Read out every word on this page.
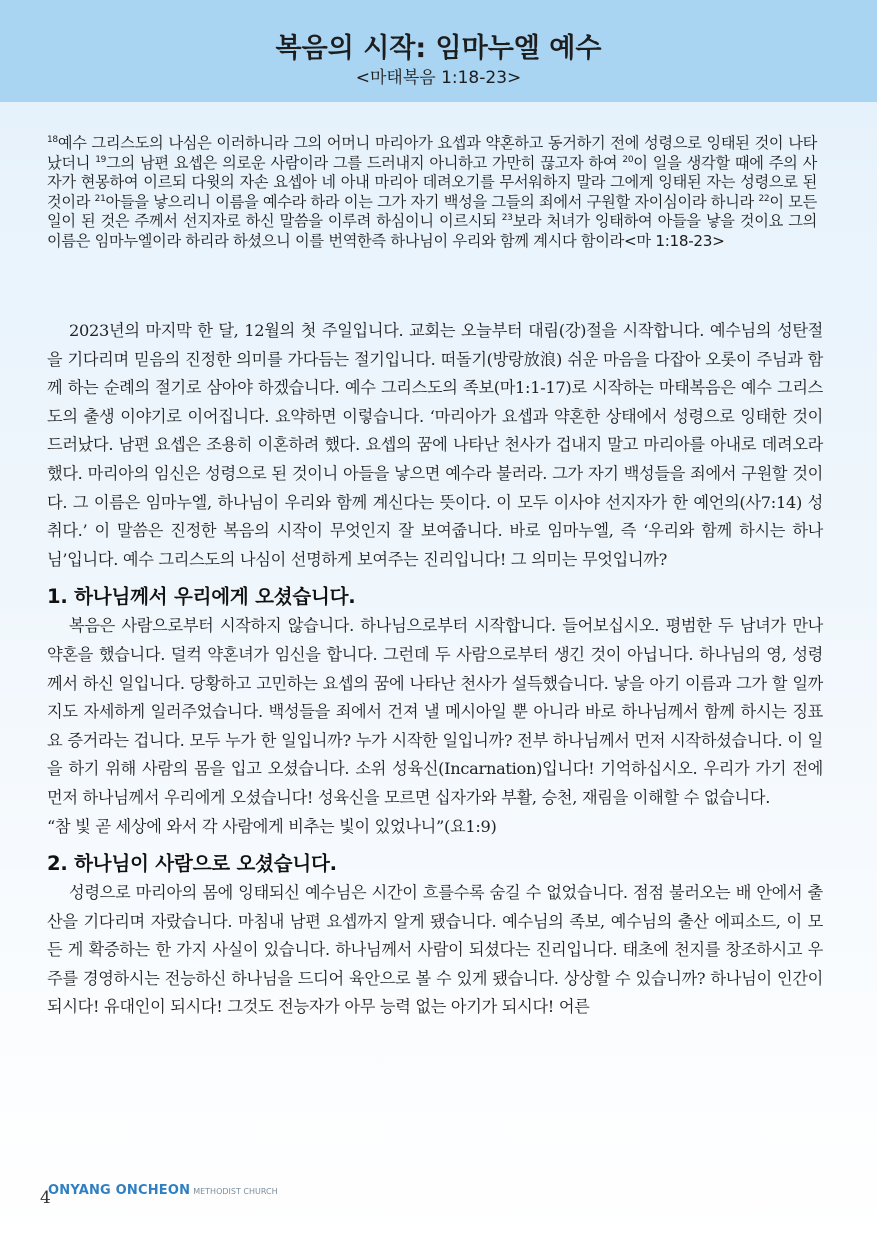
복음의 시작: 임마누엘 예수
<마태복음 1:18-23>
$^{18}$예수 그리스도의 나심은 이러하니라 그의 어머니 마리아가 요셉과 약혼하고 동거하기 전에 성령으로 잉태된 것이 나타났더니 $^{19}$그의 남편 요셉은 의로운 사람이라 그를 드러내지 아니하고 가만히 끊고자 하여 $^{20}$이 일을 생각할 때에 주의 사자가 현몽하여 이르되 다윗의 자손 요셉아 네 아내 마리아 데려오기를 무서워하지 말라 그에게 잉태된 자는 성령으로 된 것이라 $^{21}$아들을 낳으리니 이름을 예수라 하라 이는 그가 자기 백성을 그들의 죄에서 구원할 자이심이라 하니라 $^{22}$이 모든 일이 된 것은 주께서 선지자로 하신 말씀을 이루려 하심이니 이르시되 $^{23}$보라 처녀가 잉태하여 아들을 낳을 것이요 그의 이름은 임마누엘이라 하리라 하셨으니 이를 번역한즉 하나님이 우리와 함께 계시다 함이라<마 1:18-23>

2023년의 마지막 한 달, 12월의 첫 주일입니다. 교회는 오늘부터 대림(강)절을 시작합니다. 예수님의 성탄절을 기다리며 믿음의 진정한 의미를 가다듬는 절기입니다. 떠돌기(방랑放浪) 쉬운 마음을 다잡아 오롯이 주님과 함께 하는 순례의 절기로 삼아야 하겠습니다. 예수 그리스도의 족보(마1:1-17)로 시작하는 마태복음은 예수 그리스도의 출생 이야기로 이어집니다. 요약하면 이렇습니다. ‘마리아가 요셉과 약혼한 상태에서 성령으로 잉태한 것이 드러났다. 남편 요셉은 조용히 이혼하려 했다. 요셉의 꿈에 나타난 천사가 겁내지 말고 마리아를 아내로 데려오라 했다. 마리아의 임신은 성령으로 된 것이니 아들을 낳으면 예수라 불러라. 그가 자기 백성들을 죄에서 구원할 것이다. 그 이름은 임마누엘, 하나님이 우리와 함께 계신다는 뜻이다. 이 모두 이사야 선지자가 한 예언의(사7:14) 성취다.’ 이 말씀은 진정한 복음의 시작이 무엇인지 잘 보여줍니다. 바로 임마누엘, 즉 ‘우리와 함께 하시는 하나님’입니다. 예수 그리스도의 나심이 선명하게 보여주는 진리입니다! 그 의미는 무엇입니까?

1. 하나님께서 우리에게 오셨습니다.

복음은 사람으로부터 시작하지 않습니다. 하나님으로부터 시작합니다. 들어보십시오. 평범한 두 남녀가 만나 약혼을 했습니다. 덜컥 약혼녀가 임신을 합니다. 그런데 두 사람으로부터 생긴 것이 아닙니다. 하나님의 영, 성령께서 하신 일입니다. 당황하고 고민하는 요셉의 꿈에 나타난 천사가 설득했습니다. 낳을 아기 이름과 그가 할 일까지도 자세하게 일러주었습니다. 백성들을 죄에서 건져 낼 메시아일 뿐 아니라 바로 하나님께서 함께 하시는 징표요 증거라는 겁니다. 모두 누가 한 일입니까? 누가 시작한 일입니까? 전부 하나님께서 먼저 시작하셨습니다. 이 일을 하기 위해 사람의 몸을 입고 오셨습니다. 소위 성육신(Incarnation)입니다! 기억하십시오. 우리가 가기 전에 먼저 하나님께서 우리에게 오셨습니다! 성육신을 모르면 십자가와 부활, 승천, 재림을 이해할 수 없습니다.

“참 빛 곧 세상에 와서 각 사람에게 비추는 빛이 있었나니”(요1:9)

2. 하나님이 사람으로 오셨습니다.

성령으로 마리아의 몸에 잉태되신 예수님은 시간이 흐를수록 숨길 수 없었습니다. 점점 불러오는 배 안에서 출산을 기다리며 자랐습니다. 마침내 남편 요셉까지 알게 됐습니다. 예수님의 족보, 예수님의 출산 에피소드, 이 모든 게 확증하는 한 가지 사실이 있습니다. 하나님께서 사람이 되셨다는 진리입니다. 태초에 천지를 창조하시고 우주를 경영하시는 전능하신 하나님을 드디어 육안으로 볼 수 있게 됐습니다. 상상할 수 있습니까? 하나님이 인간이 되시다! 유대인이 되시다! 그것도 전능자가 아무 능력 없는 아기가 되시다! 어른

4
ONYANG ONCHEON METHODIST CHURCH
